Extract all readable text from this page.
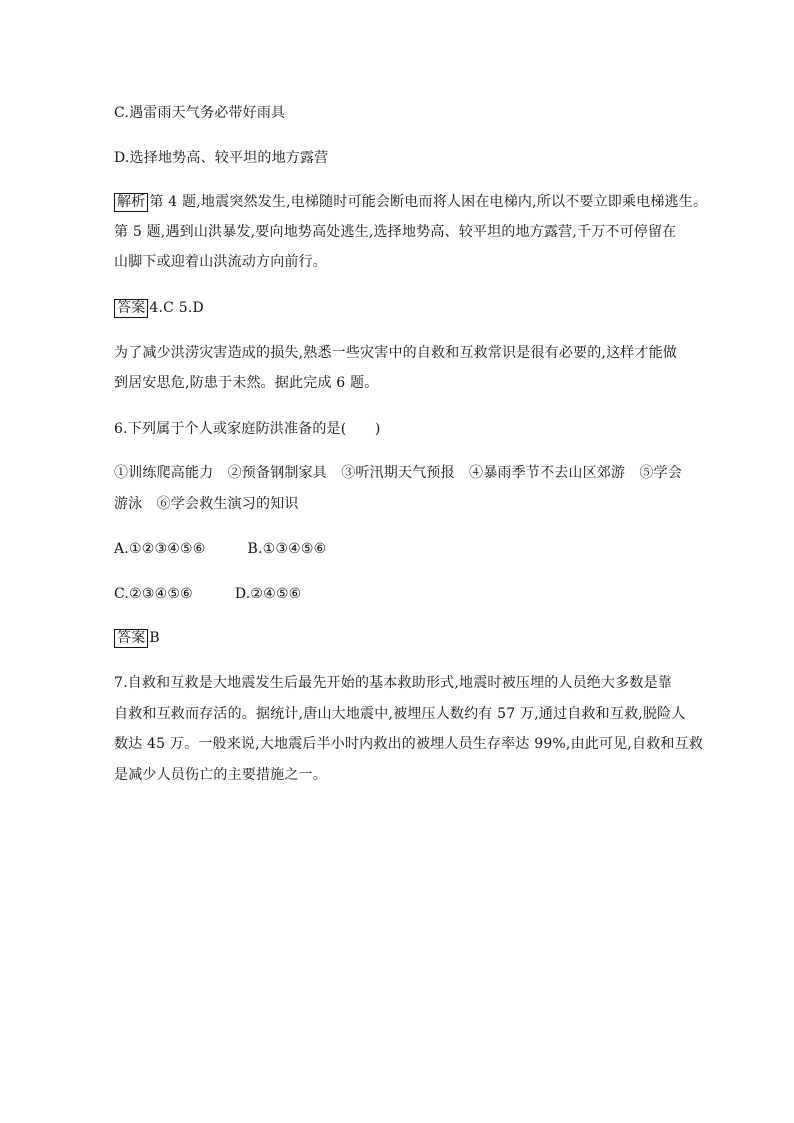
C.遇雷雨天气务必带好雨具
D.选择地势高、较平坦的地方露营
解析 第 4 题,地震突然发生,电梯随时可能会断电而将人困在电梯内,所以不要立即乘电梯逃生。
第 5 题,遇到山洪暴发,要向地势高处逃生,选择地势高、较平坦的地方露营,千万不可停留在
山脚下或迎着山洪流动方向前行。
答案 4.C 5.D
为了减少洪涝灾害造成的损失,熟悉一些灾害中的自救和互救常识是很有必要的,这样才能做
到居安思危,防患于未然。据此完成 6 题。
6.下列属于个人或家庭防洪准备的是(　　)
①训练爬高能力　②预备钢制家具　③听汛期天气预报　④暴雨季节不去山区郊游　⑤学会
游泳　⑥学会救生演习的知识
A.①②③④⑤⑥	B.①③④⑤⑥
C.②③④⑤⑥	D.②④⑤⑥
答案 B
7.自救和互救是大地震发生后最先开始的基本救助形式,地震时被压埋的人员绝大多数是靠
自救和互救而存活的。据统计,唐山大地震中,被埋压人数约有 57 万,通过自救和互救,脱险人
数达 45 万。一般来说,大地震后半小时内救出的被埋人员生存率达 99%,由此可见,自救和互救
是减少人员伤亡的主要措施之一。
